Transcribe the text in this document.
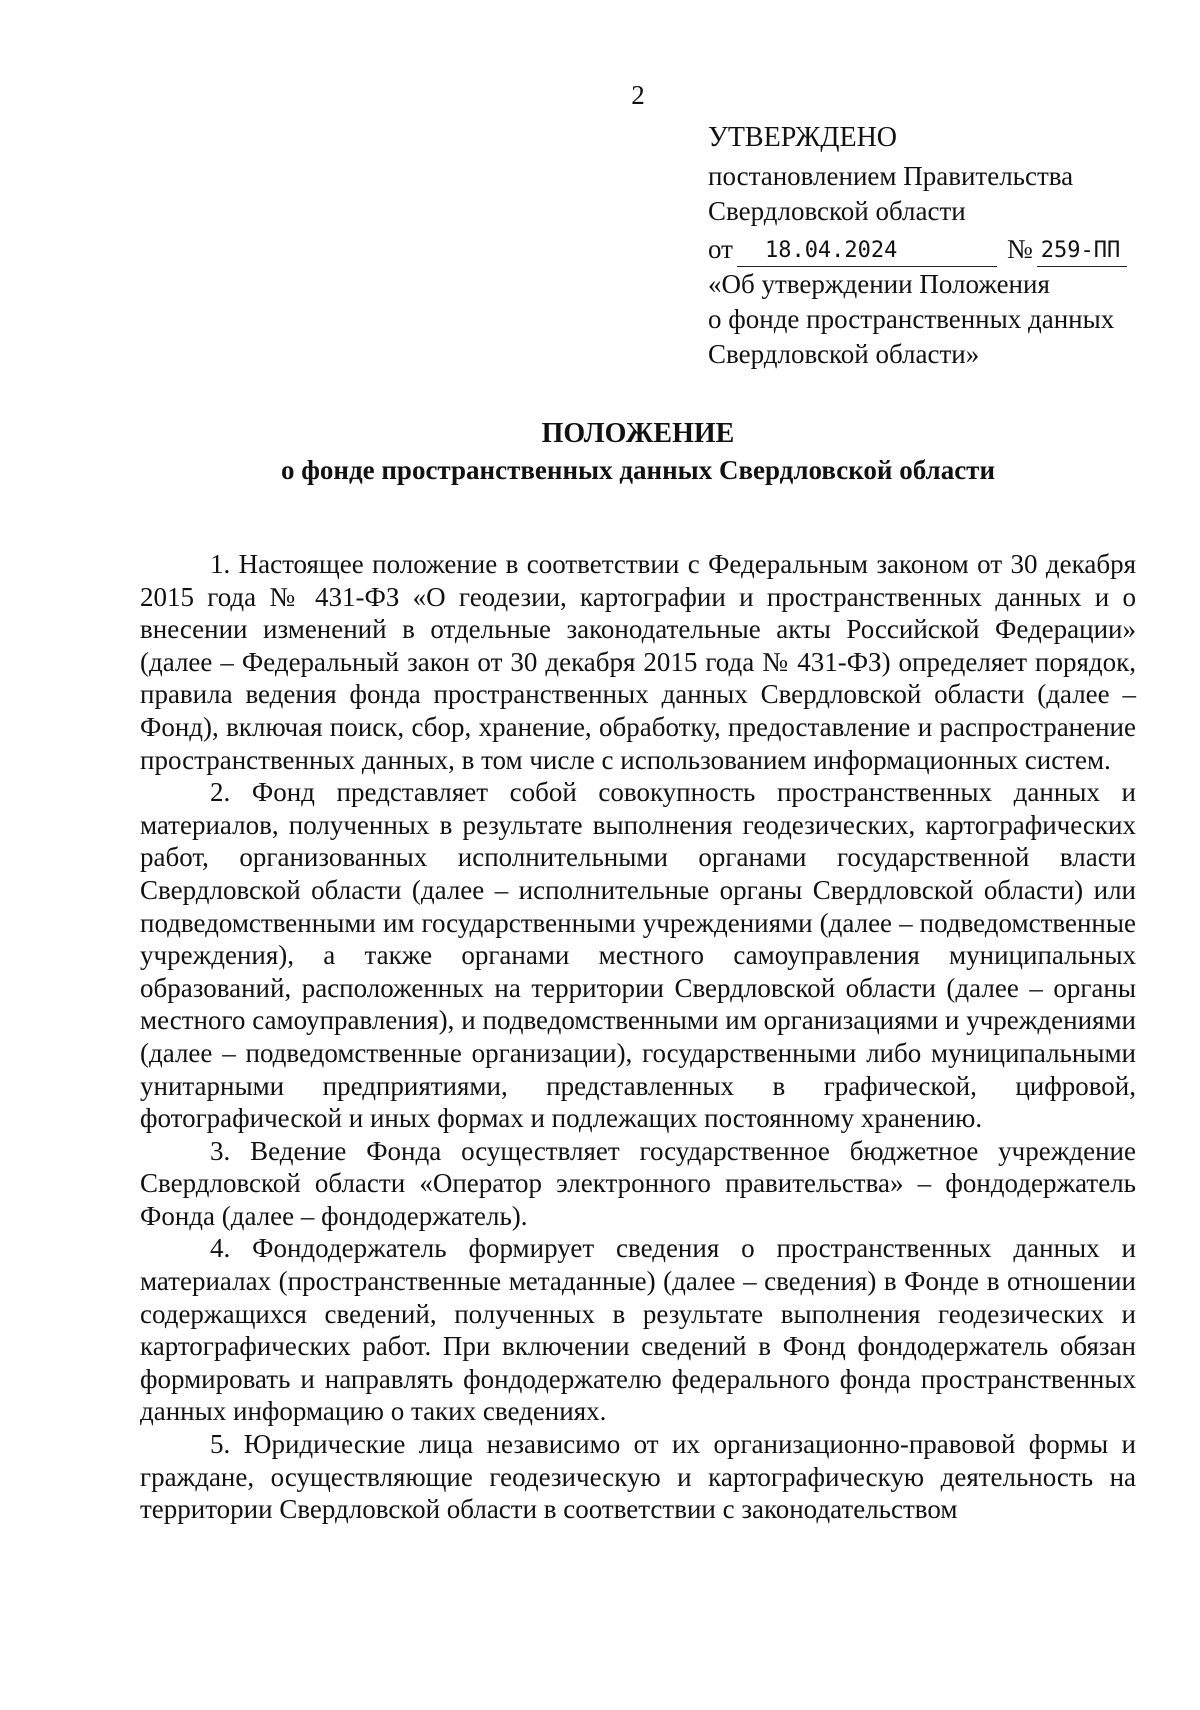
2
УТВЕРЖДЕНО
постановлением Правительства
Свердловской области
от	18.04.2024	№ 259-ПП
«Об утверждении Положения
о фонде пространственных данных
Свердловской области»
ПОЛОЖЕНИЕ
о фонде пространственных данных Свердловской области

1. Настоящее положение в соответствии с Федеральным законом от 30 декабря 2015 года № 431-ФЗ «О геодезии, картографии и пространственных данных и о внесении изменений в отдельные законодательные акты Российской Федерации» (далее – Федеральный закон от 30 декабря 2015 года № 431-ФЗ) определяет порядок, правила ведения фонда пространственных данных Свердловской области (далее – Фонд), включая поиск, сбор, хранение, обработку, предоставление и распространение пространственных данных, в том числе с использованием информационных систем.

2. Фонд представляет собой совокупность пространственных данных и материалов, полученных в результате выполнения геодезических, картографических работ, организованных исполнительными органами государственной власти Свердловской области (далее – исполнительные органы Свердловской области) или подведомственными им государственными учреждениями (далее – подведомственные учреждения), а также органами местного самоуправления муниципальных образований, расположенных на территории Свердловской области (далее – органы местного самоуправления), и подведомственными им организациями и учреждениями (далее – подведомственные организации), государственными либо муниципальными унитарными предприятиями, представленных в графической, цифровой, фотографической и иных формах и подлежащих постоянному хранению.

3. Ведение Фонда осуществляет государственное бюджетное учреждение Свердловской области «Оператор электронного правительства» – фондодержатель Фонда (далее – фондодержатель).

4. Фондодержатель формирует сведения о пространственных данных и материалах (пространственные метаданные) (далее – сведения) в Фонде в отношении содержащихся сведений, полученных в результате выполнения геодезических и картографических работ. При включении сведений в Фонд фондодержатель обязан формировать и направлять фондодержателю федерального фонда пространственных данных информацию о таких сведениях.

5. Юридические лица независимо от их организационно-правовой формы и граждане, осуществляющие геодезическую и картографическую деятельность на территории Свердловской области в соответствии с законодательством
